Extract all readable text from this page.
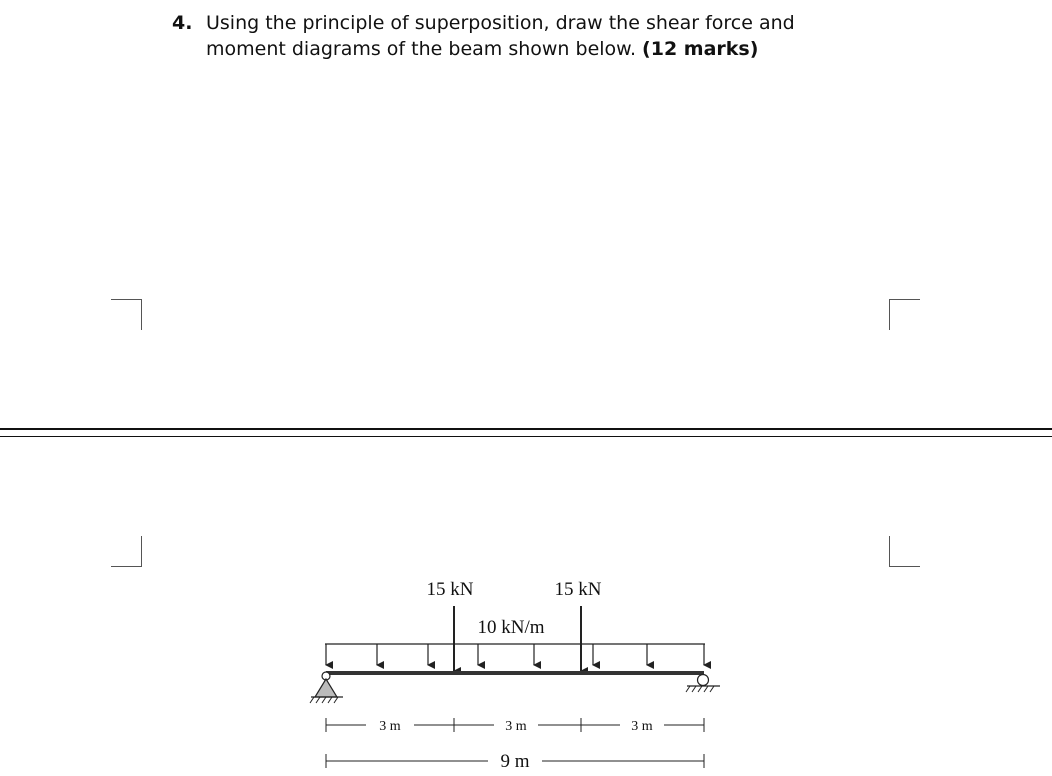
4. Using the principle of superposition, draw the shear force and
moment diagrams of the beam shown below. (12 marks)
15 kN	15 kN
10 kN/m
3 m	3 m	3 m
9 m
